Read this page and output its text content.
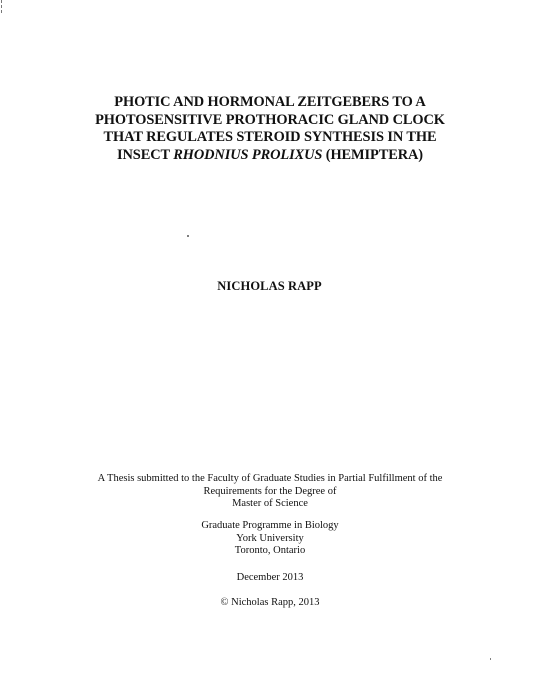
PHOTIC AND HORMONAL ZEITGEBERS TO A
PHOTOSENSITIVE PROTHORACIC GLAND CLOCK
THAT REGULATES STEROID SYNTHESIS IN THE
INSECT RHODNIUS PROLIXUS (HEMIPTERA)
NICHOLAS RAPP
A Thesis submitted to the Faculty of Graduate Studies in Partial Fulfillment of the
Requirements for the Degree of
Master of Science
Graduate Programme in Biology
York University
Toronto, Ontario
December 2013
© Nicholas Rapp, 2013
